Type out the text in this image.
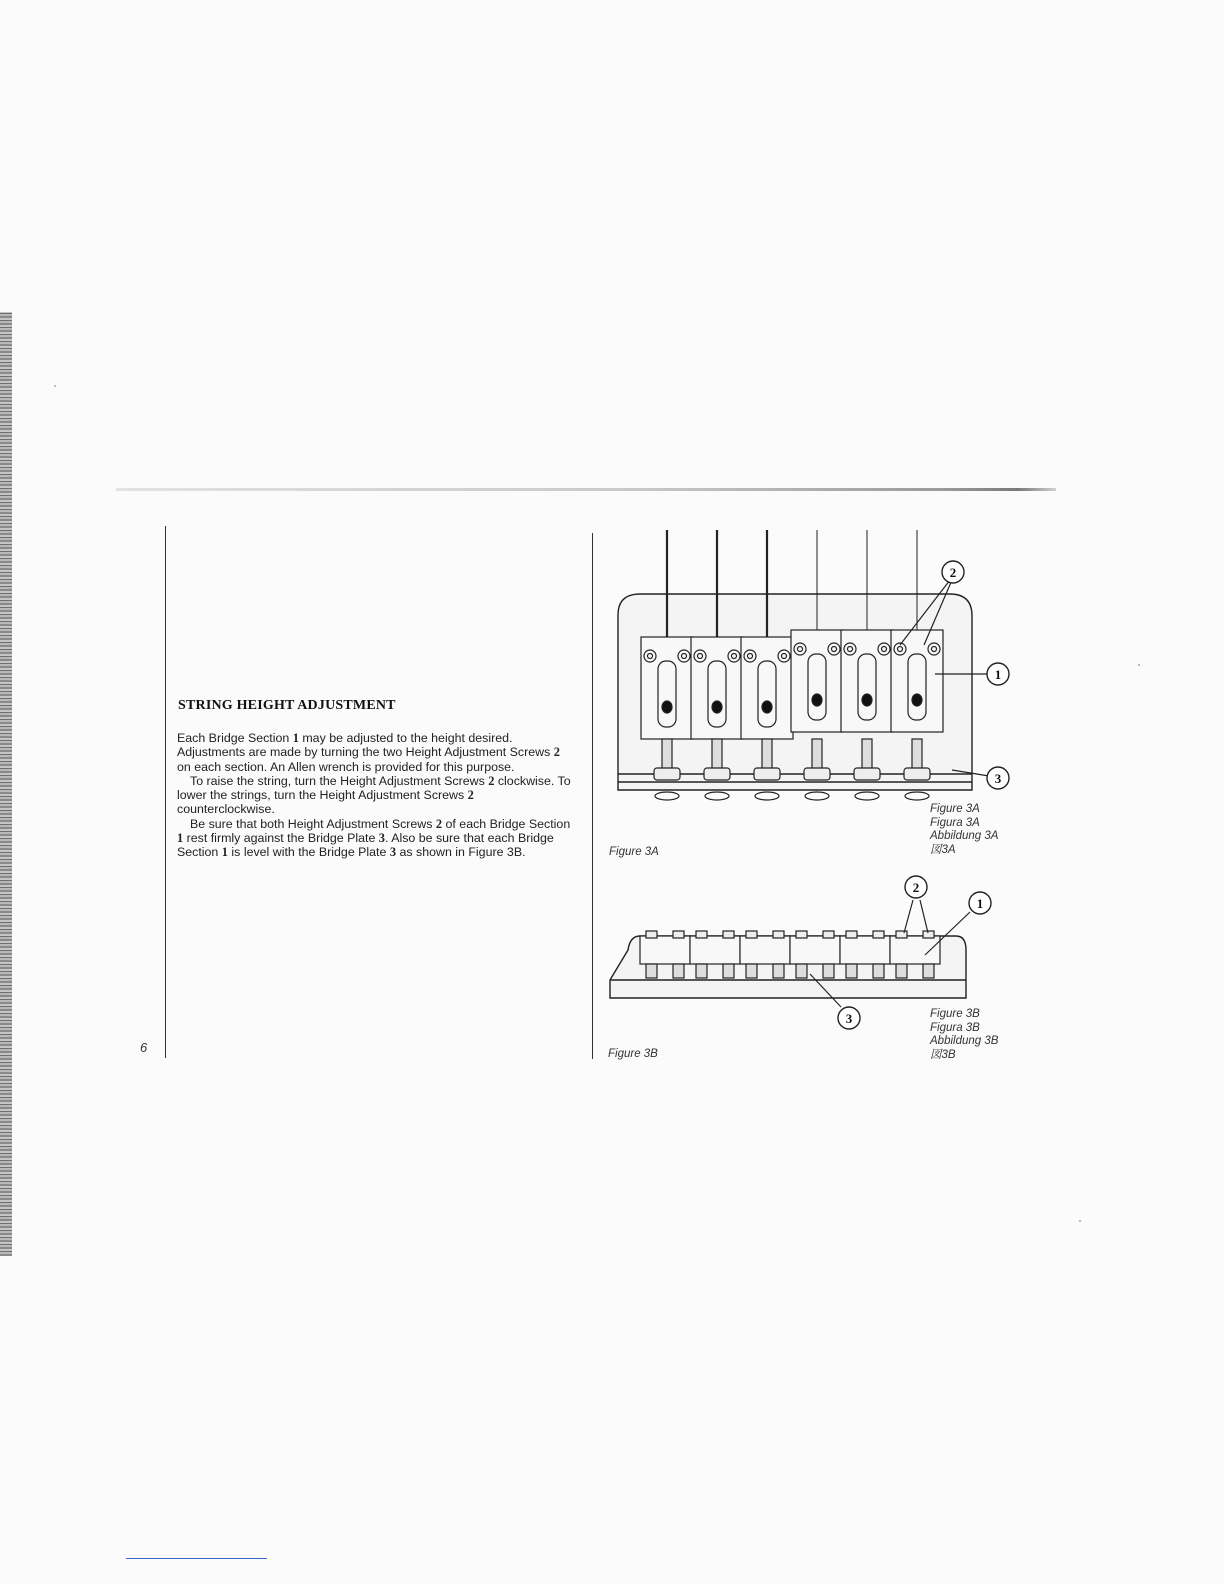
6
STRING HEIGHT ADJUSTMENT

Each Bridge Section 1 may be adjusted to the height desired. Adjustments are made by turning the two Height Adjustment Screws 2 on each section. An Allen wrench is provided for this purpose.

To raise the string, turn the Height Adjustment Screws 2 clockwise. To lower the strings, turn the Height Adjustment Screws 2 counterclockwise.

Be sure that both Height Adjustment Screws 2 of each Bridge Section 1 rest firmly against the Bridge Plate 3. Also be sure that each Bridge Section 1 is level with the Bridge Plate 3 as shown in Figure 3B.

2
1
3
Figure 3A
Figura 3A
Abbildung 3A
図3A
Figure 3A
2
1
3	Figure 3B
Figura 3B
Abbildung 3B
図3B
Figure 3B
